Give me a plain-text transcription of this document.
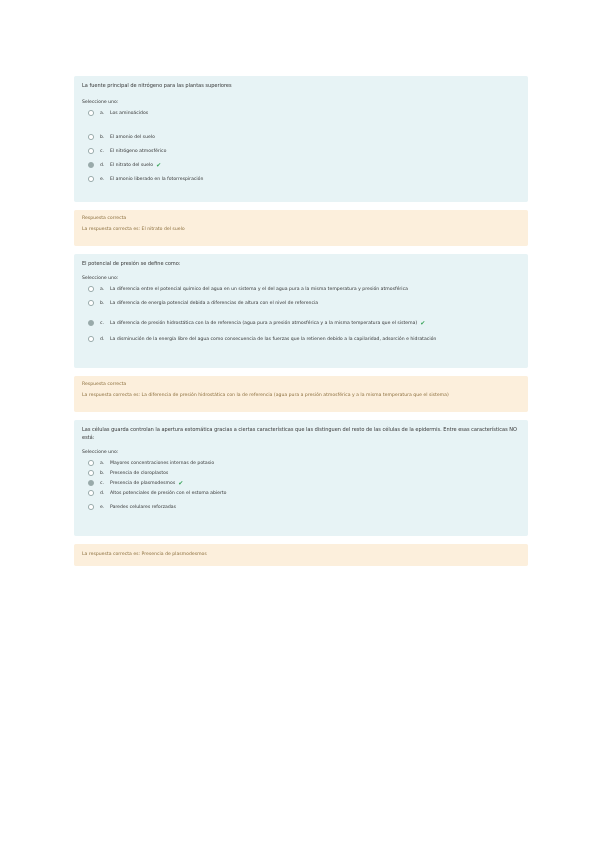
La fuente principal de nitrógeno para las plantas superiores
Seleccione uno:
a.	Los aminoácidos
b.	El amonio del suelo
c.	El nitrógeno atmosférico
d.	El nitrato del suelo ✔
e.	El amonio liberado en la fotorrespiración
Respuesta correcta
La respuesta correcta es: El nitrato del suelo
El potencial de presión se define como:
Seleccione uno:
a.	La diferencia entre el potencial químico del agua en un sistema y el del agua pura a la misma temperatura y presión atmosférica
b.	La diferencia de energía potencial debida a diferencias de altura con el nivel de referencia
c.	La diferencia de presión hidrostática con la de referencia (agua pura a presión atmosférica y a la misma temperatura que el sistema) ✔
d.	La disminución de la energía libre del agua como consecuencia de las fuerzas que la retienen debido a la capilaridad, adsorción e hidratación
Respuesta correcta
La respuesta correcta es: La diferencia de presión hidrostática con la de referencia (agua pura a presión atmosférica y a la misma temperatura que el sistema)
Las células guarda controlan la apertura estomática gracias a ciertas características que las distinguen del resto de las células de la epidermis. Entre esas características NO está:
Seleccione uno:
a.	Mayores concentraciones internas de potasio
b.	Presencia de cloroplastos
c.	Presencia de plasmodesmos ✔
d.	Altos potenciales de presión con el estoma abierto
e.	Paredes celulares reforzadas
La respuesta correcta es: Presencia de plasmodesmos
